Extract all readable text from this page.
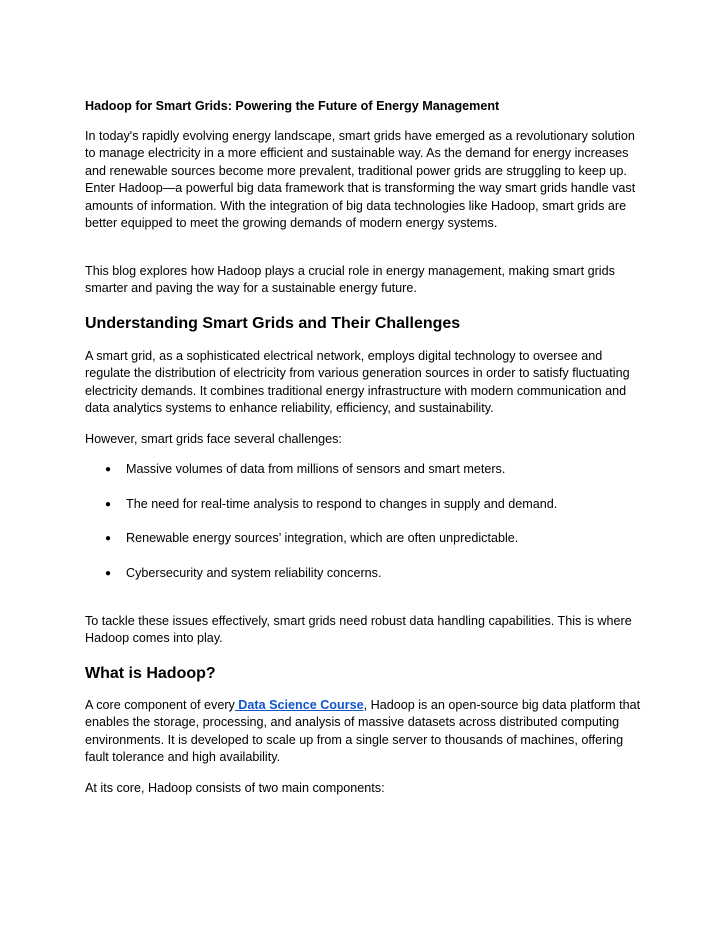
Hadoop for Smart Grids: Powering the Future of Energy Management

In today's rapidly evolving energy landscape, smart grids have emerged as a revolutionary solution to manage electricity in a more efficient and sustainable way. As the demand for energy increases and renewable sources become more prevalent, traditional power grids are struggling to keep up. Enter Hadoop—a powerful big data framework that is transforming the way smart grids handle vast amounts of information. With the integration of big data technologies like Hadoop, smart grids are better equipped to meet the growing demands of modern energy systems.

This blog explores how Hadoop plays a crucial role in energy management, making smart grids smarter and paving the way for a sustainable energy future.

Understanding Smart Grids and Their Challenges

A smart grid, as a sophisticated electrical network, employs digital technology to oversee and regulate the distribution of electricity from various generation sources in order to satisfy fluctuating electricity demands. It combines traditional energy infrastructure with modern communication and data analytics systems to enhance reliability, efficiency, and sustainability.

However, smart grids face several challenges:

● Massive volumes of data from millions of sensors and smart meters.
● The need for real-time analysis to respond to changes in supply and demand.
● Renewable energy sources’ integration, which are often unpredictable.
● Cybersecurity and system reliability concerns.

To tackle these issues effectively, smart grids need robust data handling capabilities. This is where Hadoop comes into play.

What is Hadoop?

A core component of every Data Science Course, Hadoop is an open-source big data platform that enables the storage, processing, and analysis of massive datasets across distributed computing environments. It is developed to scale up from a single server to thousands of machines, offering fault tolerance and high availability.

At its core, Hadoop consists of two main components:
